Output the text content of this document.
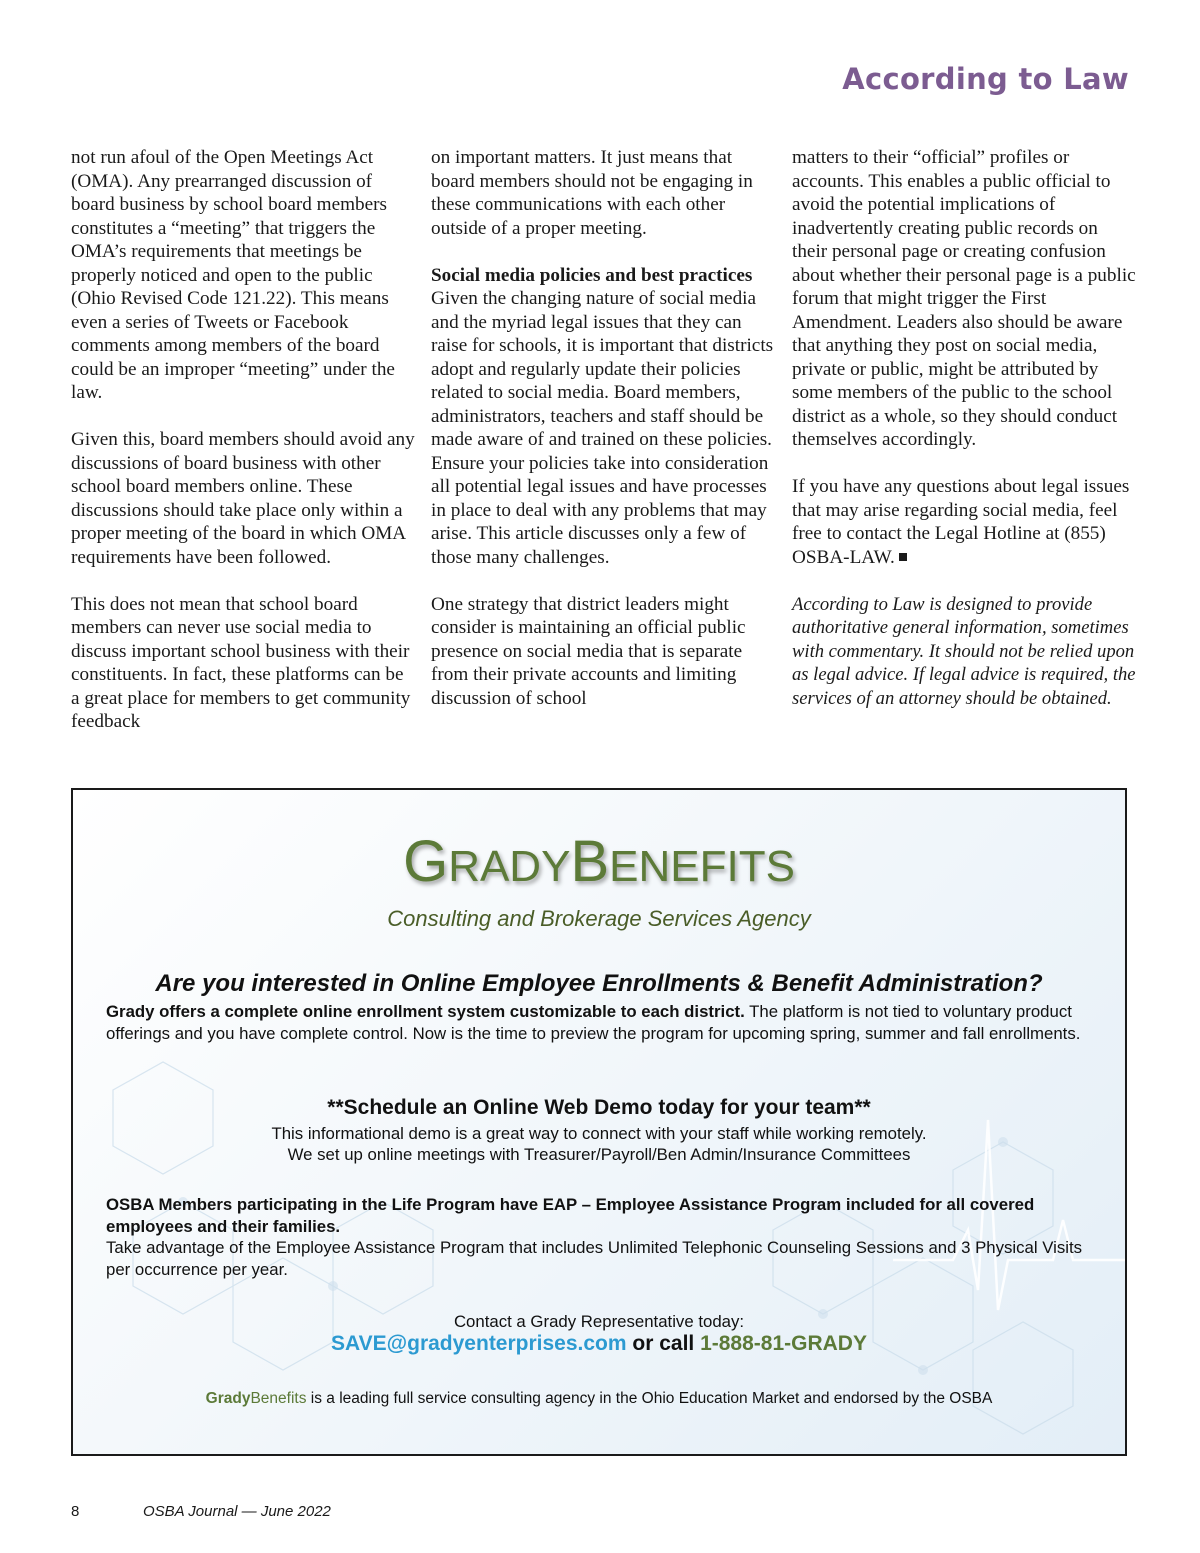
According to Law

not run afoul of the Open Meetings Act (OMA). Any prearranged discussion of board business by school board members constitutes a “meeting” that triggers the OMA’s requirements that meetings be properly noticed and open to the public (Ohio Revised Code 121.22). This means even a series of Tweets or Facebook comments among members of the board could be an improper “meeting” under the law.

Given this, board members should avoid any discussions of board business with other school board members online. These discussions should take place only within a proper meeting of the board in which OMA requirements have been followed.

This does not mean that school board members can never use social media to discuss important school business with their constituents. In fact, these platforms can be a great place for members to get community feedback

on important matters. It just means that board members should not be engaging in these communications with each other outside of a proper meeting.

Social media policies and best practices
Given the changing nature of social media and the myriad legal issues that they can raise for schools, it is important that districts adopt and regularly update their policies related to social media. Board members, administrators, teachers and staff should be made aware of and trained on these policies. Ensure your policies take into consideration all potential legal issues and have processes in place to deal with any problems that may arise. This article discusses only a few of those many challenges.

One strategy that district leaders might consider is maintaining an official public presence on social media that is separate from their private accounts and limiting discussion of school

matters to their “official” profiles or accounts. This enables a public official to avoid the potential implications of inadvertently creating public records on their personal page or creating confusion about whether their personal page is a public forum that might trigger the First Amendment. Leaders also should be aware that anything they post on social media, private or public, might be attributed by some members of the public to the school district as a whole, so they should conduct themselves accordingly.

If you have any questions about legal issues that may arise regarding social media, feel free to contact the Legal Hotline at (855) OSBA-LAW.

According to Law is designed to provide authoritative general information, sometimes with commentary. It should not be relied upon as legal advice. If legal advice is required, the services of an attorney should be obtained.

GRADYBENEFITS
Consulting and Brokerage Services Agency
Are you interested in Online Employee Enrollments & Benefit Administration?
Grady offers a complete online enrollment system customizable to each district. The platform is not tied to voluntary product offerings and you have complete control. Now is the time to preview the program for upcoming spring, summer and fall enrollments.
**Schedule an Online Web Demo today for your team**
This informational demo is a great way to connect with your staff while working remotely.
We set up online meetings with Treasurer/Payroll/Ben Admin/Insurance Committees
OSBA Members participating in the Life Program have EAP – Employee Assistance Program included for all covered employees and their families.
Take advantage of the Employee Assistance Program that includes Unlimited Telephonic Counseling Sessions and 3 Physical Visits per occurrence per year.
Contact a Grady Representative today:
SAVE@gradyenterprises.com or call 1-888-81-GRADY
GradyBenefits is a leading full service consulting agency in the Ohio Education Market and endorsed by the OSBA
8	OSBA Journal — June 2022
